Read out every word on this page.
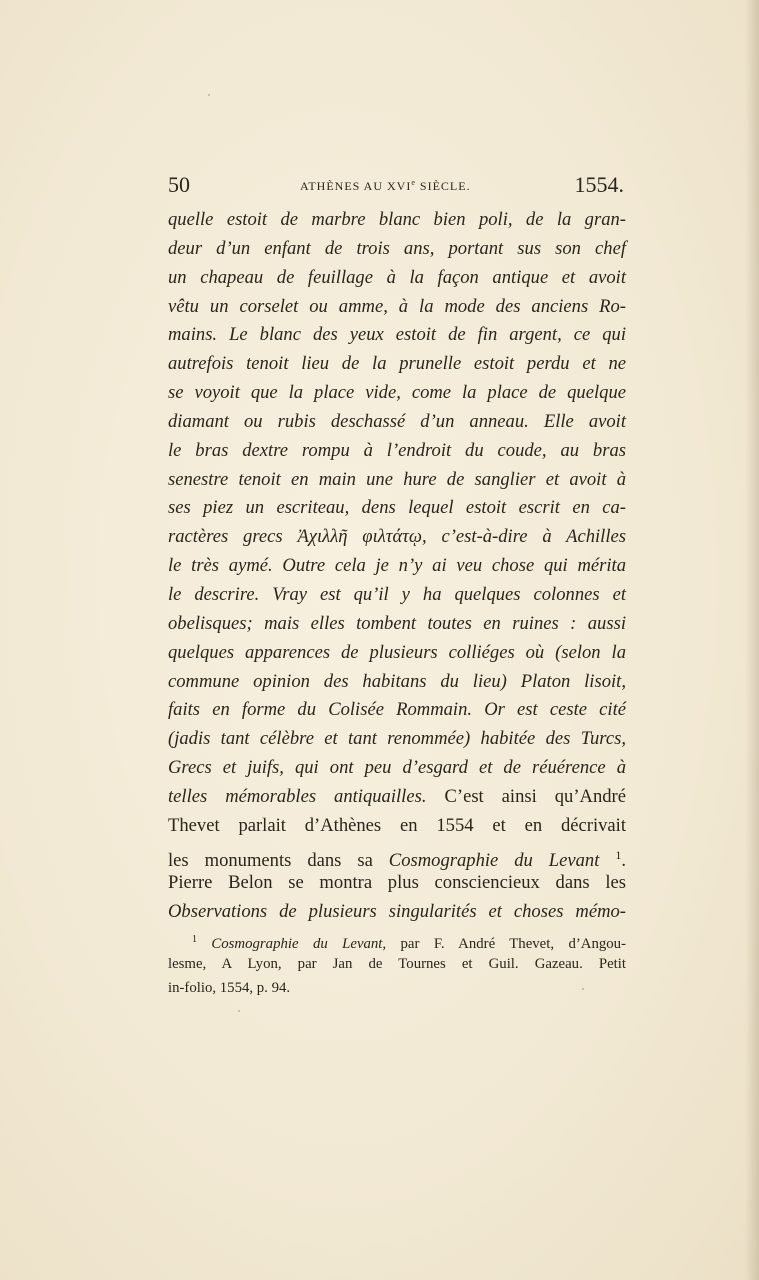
50	ATHÈNES AU XVIe SIÈCLE.	1554.
quelle estoit de marbre blanc bien poli, de la gran-
deur d’un enfant de trois ans, portant sus son chef
un chapeau de feuillage à la façon antique et avoit
vêtu un corselet ou amme, à la mode des anciens Ro-
mains. Le blanc des yeux estoit de fin argent, ce qui
autrefois tenoit lieu de la prunelle estoit perdu et ne
se voyoit que la place vide, come la place de quelque
diamant ou rubis deschassé d’un anneau. Elle avoit
le bras dextre rompu à l’endroit du coude, au bras
senestre tenoit en main une hure de sanglier et avoit à
ses piez un escriteau, dens lequel estoit escrit en ca-
ractères grecs Ἀχιλλῆ φιλτάτῳ, c’est-à-dire à Achilles
le très aymé. Outre cela je n’y ai veu chose qui mérita
le descrire. Vray est qu’il y ha quelques colonnes et
obelisques; mais elles tombent toutes en ruines : aussi
quelques apparences de plusieurs colliéges où (selon la
commune opinion des habitans du lieu) Platon lisoit,
faits en forme du Colisée Rommain. Or est ceste cité
(jadis tant célèbre et tant renommée) habitée des Turcs,
Grecs et juifs, qui ont peu d’esgard et de réuérence à
telles mémorables antiquailles. C’est ainsi qu’André
Thevet parlait d’Athènes en 1554 et en décrivait
les monuments dans sa Cosmographie du Levant $^1$.
Pierre Belon se montra plus consciencieux dans les
Observations de plusieurs singularités et choses mémo-
$^1$ Cosmographie du Levant, par F. André Thevet, d’Angou-
lesme, A Lyon, par Jan de Tournes et Guil. Gazeau. Petit
in-folio, 1554, p. 94.
